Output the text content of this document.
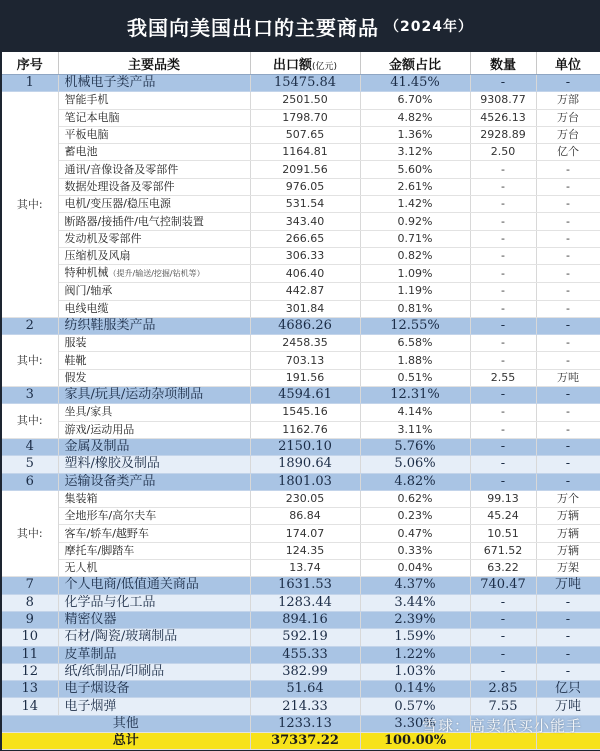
我国向美国出口的主要商品 （2024年）
序号	主要品类	出口额(亿元)	金额占比	数量	单位
1	机械电子类产品	15475.84	41.45%	-	-
其中:	智能手机	2501.50	6.70%	9308.77	万部
	笔记本电脑	1798.70	4.82%	4526.13	万台
	平板电脑	507.65	1.36%	2928.89	万台
	蓄电池	1164.81	3.12%	2.50	亿个
	通讯/音像设备及零部件	2091.56	5.60%	-	-
	数据处理设备及零部件	976.05	2.61%	-	-
	电机/变压器/稳压电源	531.54	1.42%	-	-
	断路器/接插件/电气控制装置	343.40	0.92%	-	-
	发动机及零部件	266.65	0.71%	-	-
	压缩机及风扇	306.33	0.82%	-	-
	特种机械（提升/输送/挖掘/钻机等）	406.40	1.09%	-	-
	阀门/轴承	442.87	1.19%	-	-
	电线电缆	301.84	0.81%	-	-
2	纺织鞋服类产品	4686.26	12.55%	-	-
其中:	服装	2458.35	6.58%	-	-
	鞋靴	703.13	1.88%	-	-
	假发	191.56	0.51%	2.55	万吨
3	家具/玩具/运动杂项制品	4594.61	12.31%	-	-
其中:	坐具/家具	1545.16	4.14%	-	-
	游戏/运动用品	1162.76	3.11%	-	-
4	金属及制品	2150.10	5.76%	-	-
5	塑料/橡胶及制品	1890.64	5.06%	-	-
6	运输设备类产品	1801.03	4.82%	-	-
其中:	集装箱	230.05	0.62%	99.13	万个
	全地形车/高尔夫车	86.84	0.23%	45.24	万辆
	客车/轿车/越野车	174.07	0.47%	10.51	万辆
	摩托车/脚踏车	124.35	0.33%	671.52	万辆
	无人机	13.74	0.04%	63.22	万架
7	个人电商/低值通关商品	1631.53	4.37%	740.47	万吨
8	化学品与化工品	1283.44	3.44%	-	-
9	精密仪器	894.16	2.39%	-	-
10	石材/陶瓷/玻璃制品	592.19	1.59%	-	-
11	皮革制品	455.33	1.22%	-	-
12	纸/纸制品/印刷品	382.99	1.03%	-	-
13	电子烟设备	51.64	0.14%	2.85	亿只
14	电子烟弹	214.33	0.57%	7.55	万吨
其他		1233.13	3.30%		
总计		37337.22	100.00%		
雪球：高卖低买小能手
